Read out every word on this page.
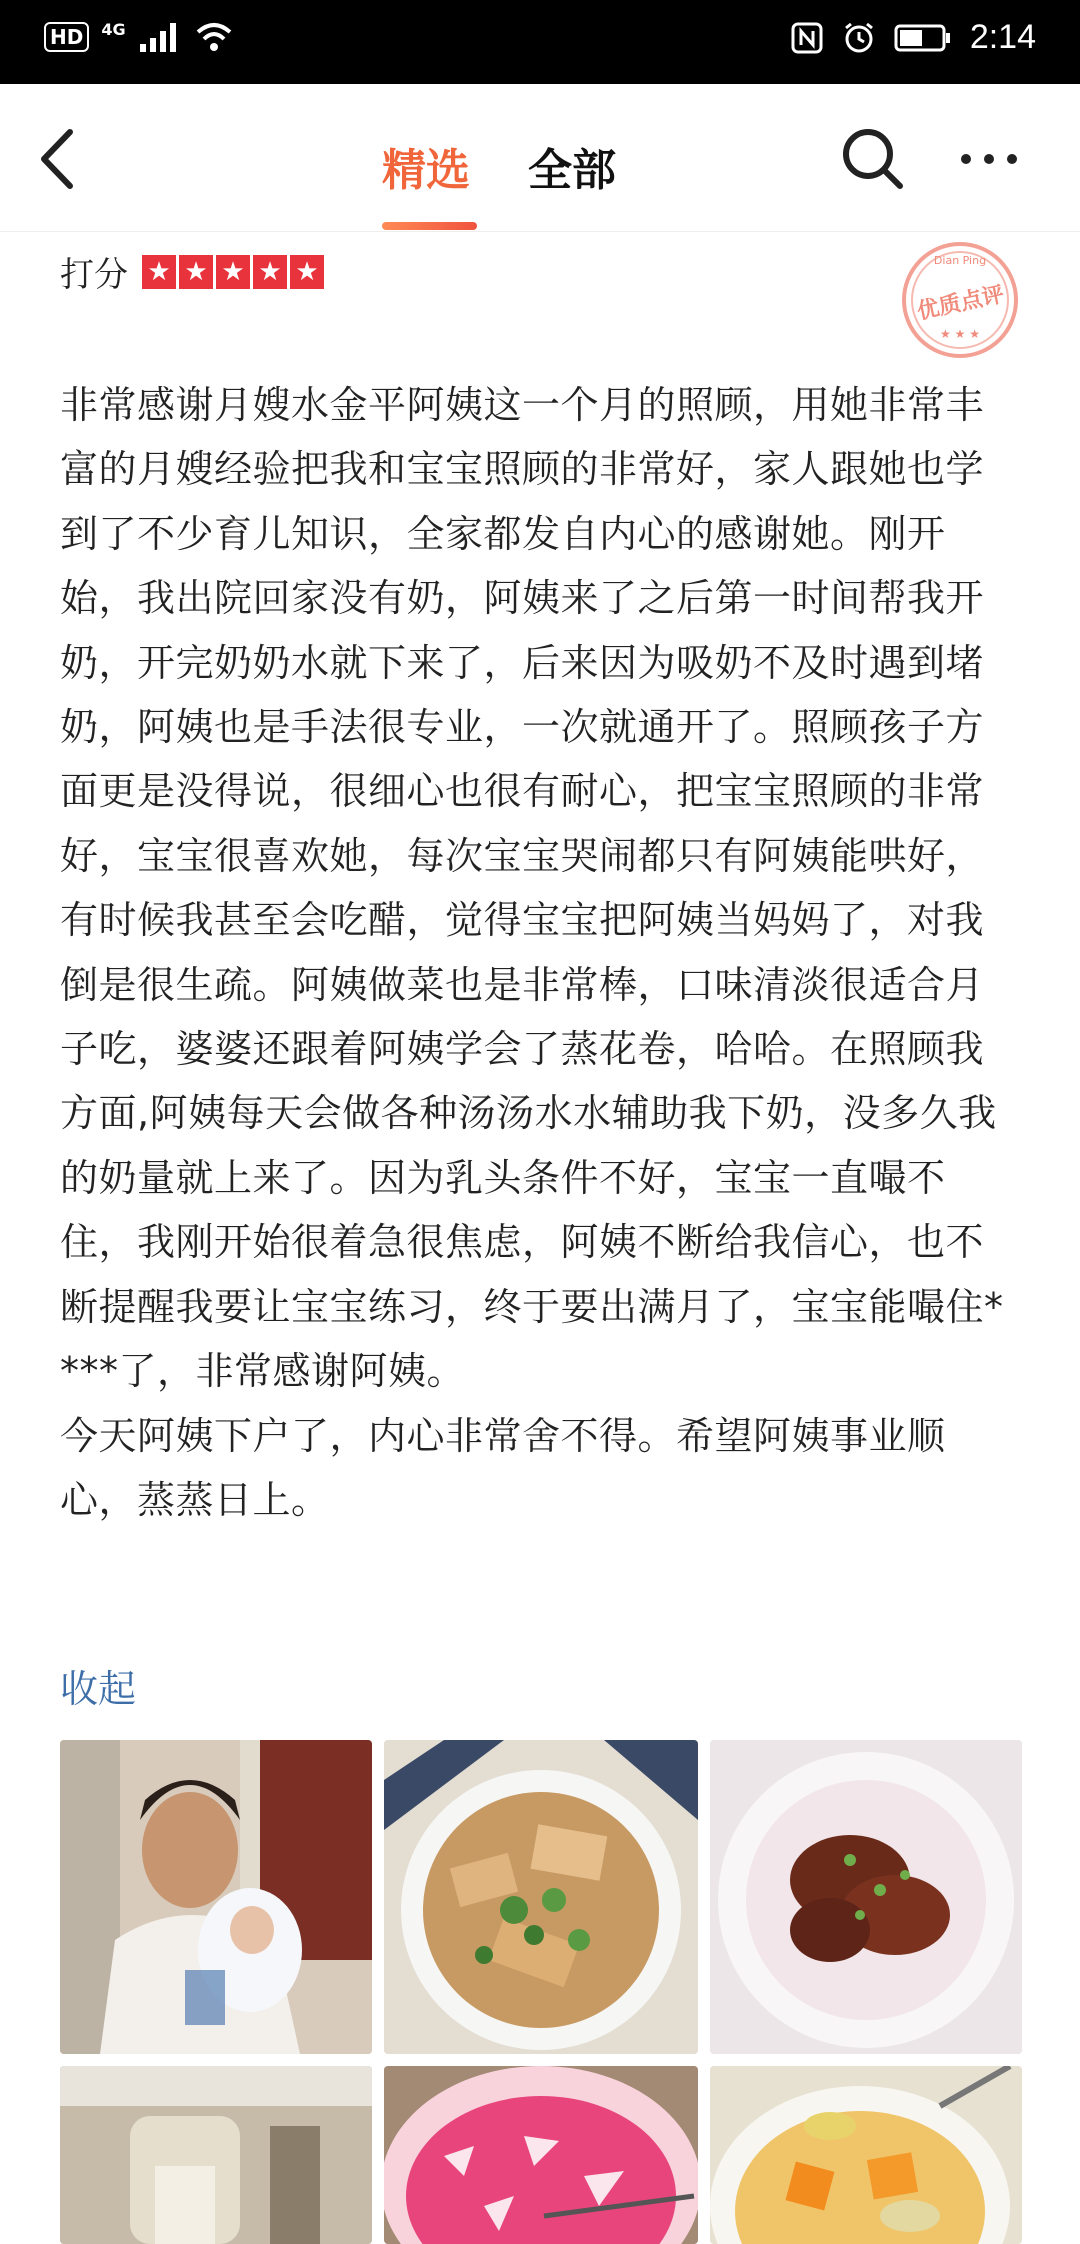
HD	4G	2:14
精选 全部
打分 ★ ★ ★ ★ ★	Dian Ping
优质点评
★ ★ ★
非常感谢月嫂水金平阿姨这一个月的照顾，用她非常丰富的月嫂经验把我和宝宝照顾的非常好，家人跟她也学到了不少育儿知识，全家都发自内心的感谢她。刚开始，我出院回家没有奶，阿姨来了之后第一时间帮我开奶，开完奶奶水就下来了，后来因为吸奶不及时遇到堵奶，阿姨也是手法很专业，一次就通开了。照顾孩子方面更是没得说，很细心也很有耐心，把宝宝照顾的非常好，宝宝很喜欢她，每次宝宝哭闹都只有阿姨能哄好，有时候我甚至会吃醋，觉得宝宝把阿姨当妈妈了，对我倒是很生疏。阿姨做菜也是非常棒，口味清淡很适合月子吃，婆婆还跟着阿姨学会了蒸花卷，哈哈。在照顾我方面,阿姨每天会做各种汤汤水水辅助我下奶，没多久我的奶量就上来了。因为乳头条件不好，宝宝一直嘬不住，我刚开始很着急很焦虑，阿姨不断给我信心，也不断提醒我要让宝宝练习，终于要出满月了，宝宝能嘬住****了，非常感谢阿姨。
今天阿姨下户了，内心非常舍不得。希望阿姨事业顺心，蒸蒸日上。
收起
